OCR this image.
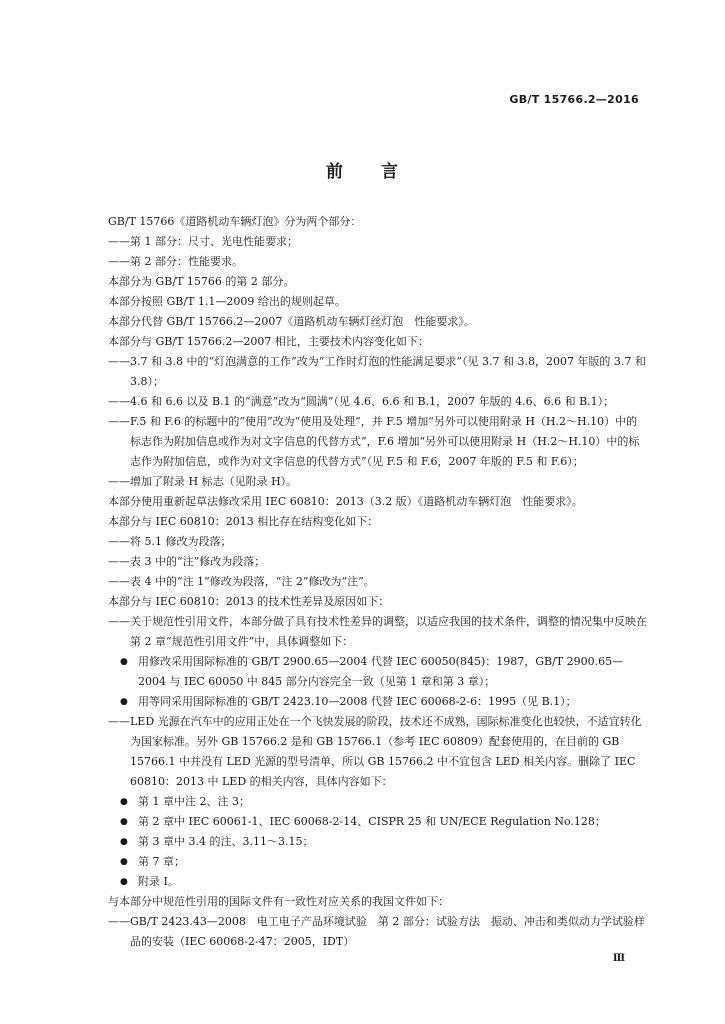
GB/T 15766.2—2016
前 言
GB/T 15766《道路机动车辆灯泡》分为两个部分：
——第 1 部分：尺寸、光电性能要求；
——第 2 部分：性能要求。
本部分为 GB/T 15766 的第 2 部分。
本部分按照 GB/T 1.1—2009 给出的规则起草。
本部分代替 GB/T 15766.2—2007《道路机动车辆灯丝灯泡　性能要求》。
本部分与 GB/T 15766.2—2007 相比，主要技术内容变化如下：
——3.7 和 3.8 中的“灯泡满意的工作”改为“工作时灯泡的性能满足要求”（见 3.7 和 3.8，2007 年版的 3.7 和 3.8）；
——4.6 和 6.6 以及 B.1 的“满意”改为“圆满”（见 4.6、6.6 和 B.1，2007 年版的 4.6、6.6 和 B.1）；
——F.5 和 F.6 的标题中的“使用”改为“使用及处理”，并 F.5 增加“另外可以使用附录 H（H.2～H.10）中的标志作为附加信息或作为对文字信息的代替方式”，F.6 增加“另外可以使用附录 H（H.2～H.10）中的标志作为附加信息，或作为对文字信息的代替方式”（见 F.5 和 F.6，2007 年版的 F.5 和 F.6）；
——增加了附录 H 标志（见附录 H）。
本部分使用重新起草法修改采用 IEC 60810：2013（3.2 版）《道路机动车辆灯泡　性能要求》。
本部分与 IEC 60810：2013 相比存在结构变化如下：
——将 5.1 修改为段落；
——表 3 中的“注”修改为段落；
——表 4 中的“注 1”修改为段落，“注 2”修改为“注”。
本部分与 IEC 60810：2013 的技术性差异及原因如下：
——关于规范性引用文件，本部分做了具有技术性差异的调整，以适应我国的技术条件，调整的情况集中反映在第 2 章“规范性引用文件”中，具体调整如下：
● 用修改采用国际标准的 GB/T 2900.65—2004 代替 IEC 60050(845)：1987，GB/T 2900.65—2004 与 IEC 60050 中 845 部分内容完全一致（见第 1 章和第 3 章）；
● 用等同采用国际标准的 GB/T 2423.10—2008 代替 IEC 60068-2-6：1995（见 B.1）；
——LED 光源在汽车中的应用正处在一个飞快发展的阶段，技术还不成熟，国际标准变化也较快，不适宜转化为国家标准。另外 GB 15766.2 是和 GB 15766.1（参考 IEC 60809）配套使用的，在目前的 GB 15766.1 中并没有 LED 光源的型号清单，所以 GB 15766.2 中不宜包含 LED 相关内容。删除了 IEC 60810：2013 中 LED 的相关内容，具体内容如下：
● 第 1 章中注 2、注 3；
● 第 2 章中 IEC 60061-1、IEC 60068-2-14、CISPR 25 和 UN/ECE Regulation No.128；
● 第 3 章中 3.4 的注、3.11～3.15；
● 第 7 章；
● 附录 I。
与本部分中规范性引用的国际文件有一致性对应关系的我国文件如下：
——GB/T 2423.43—2008　电工电子产品环境试验　第 2 部分：试验方法　振动、冲击和类似动力学试验样品的安装（IEC 60068-2-47：2005，IDT）
Ⅲ
